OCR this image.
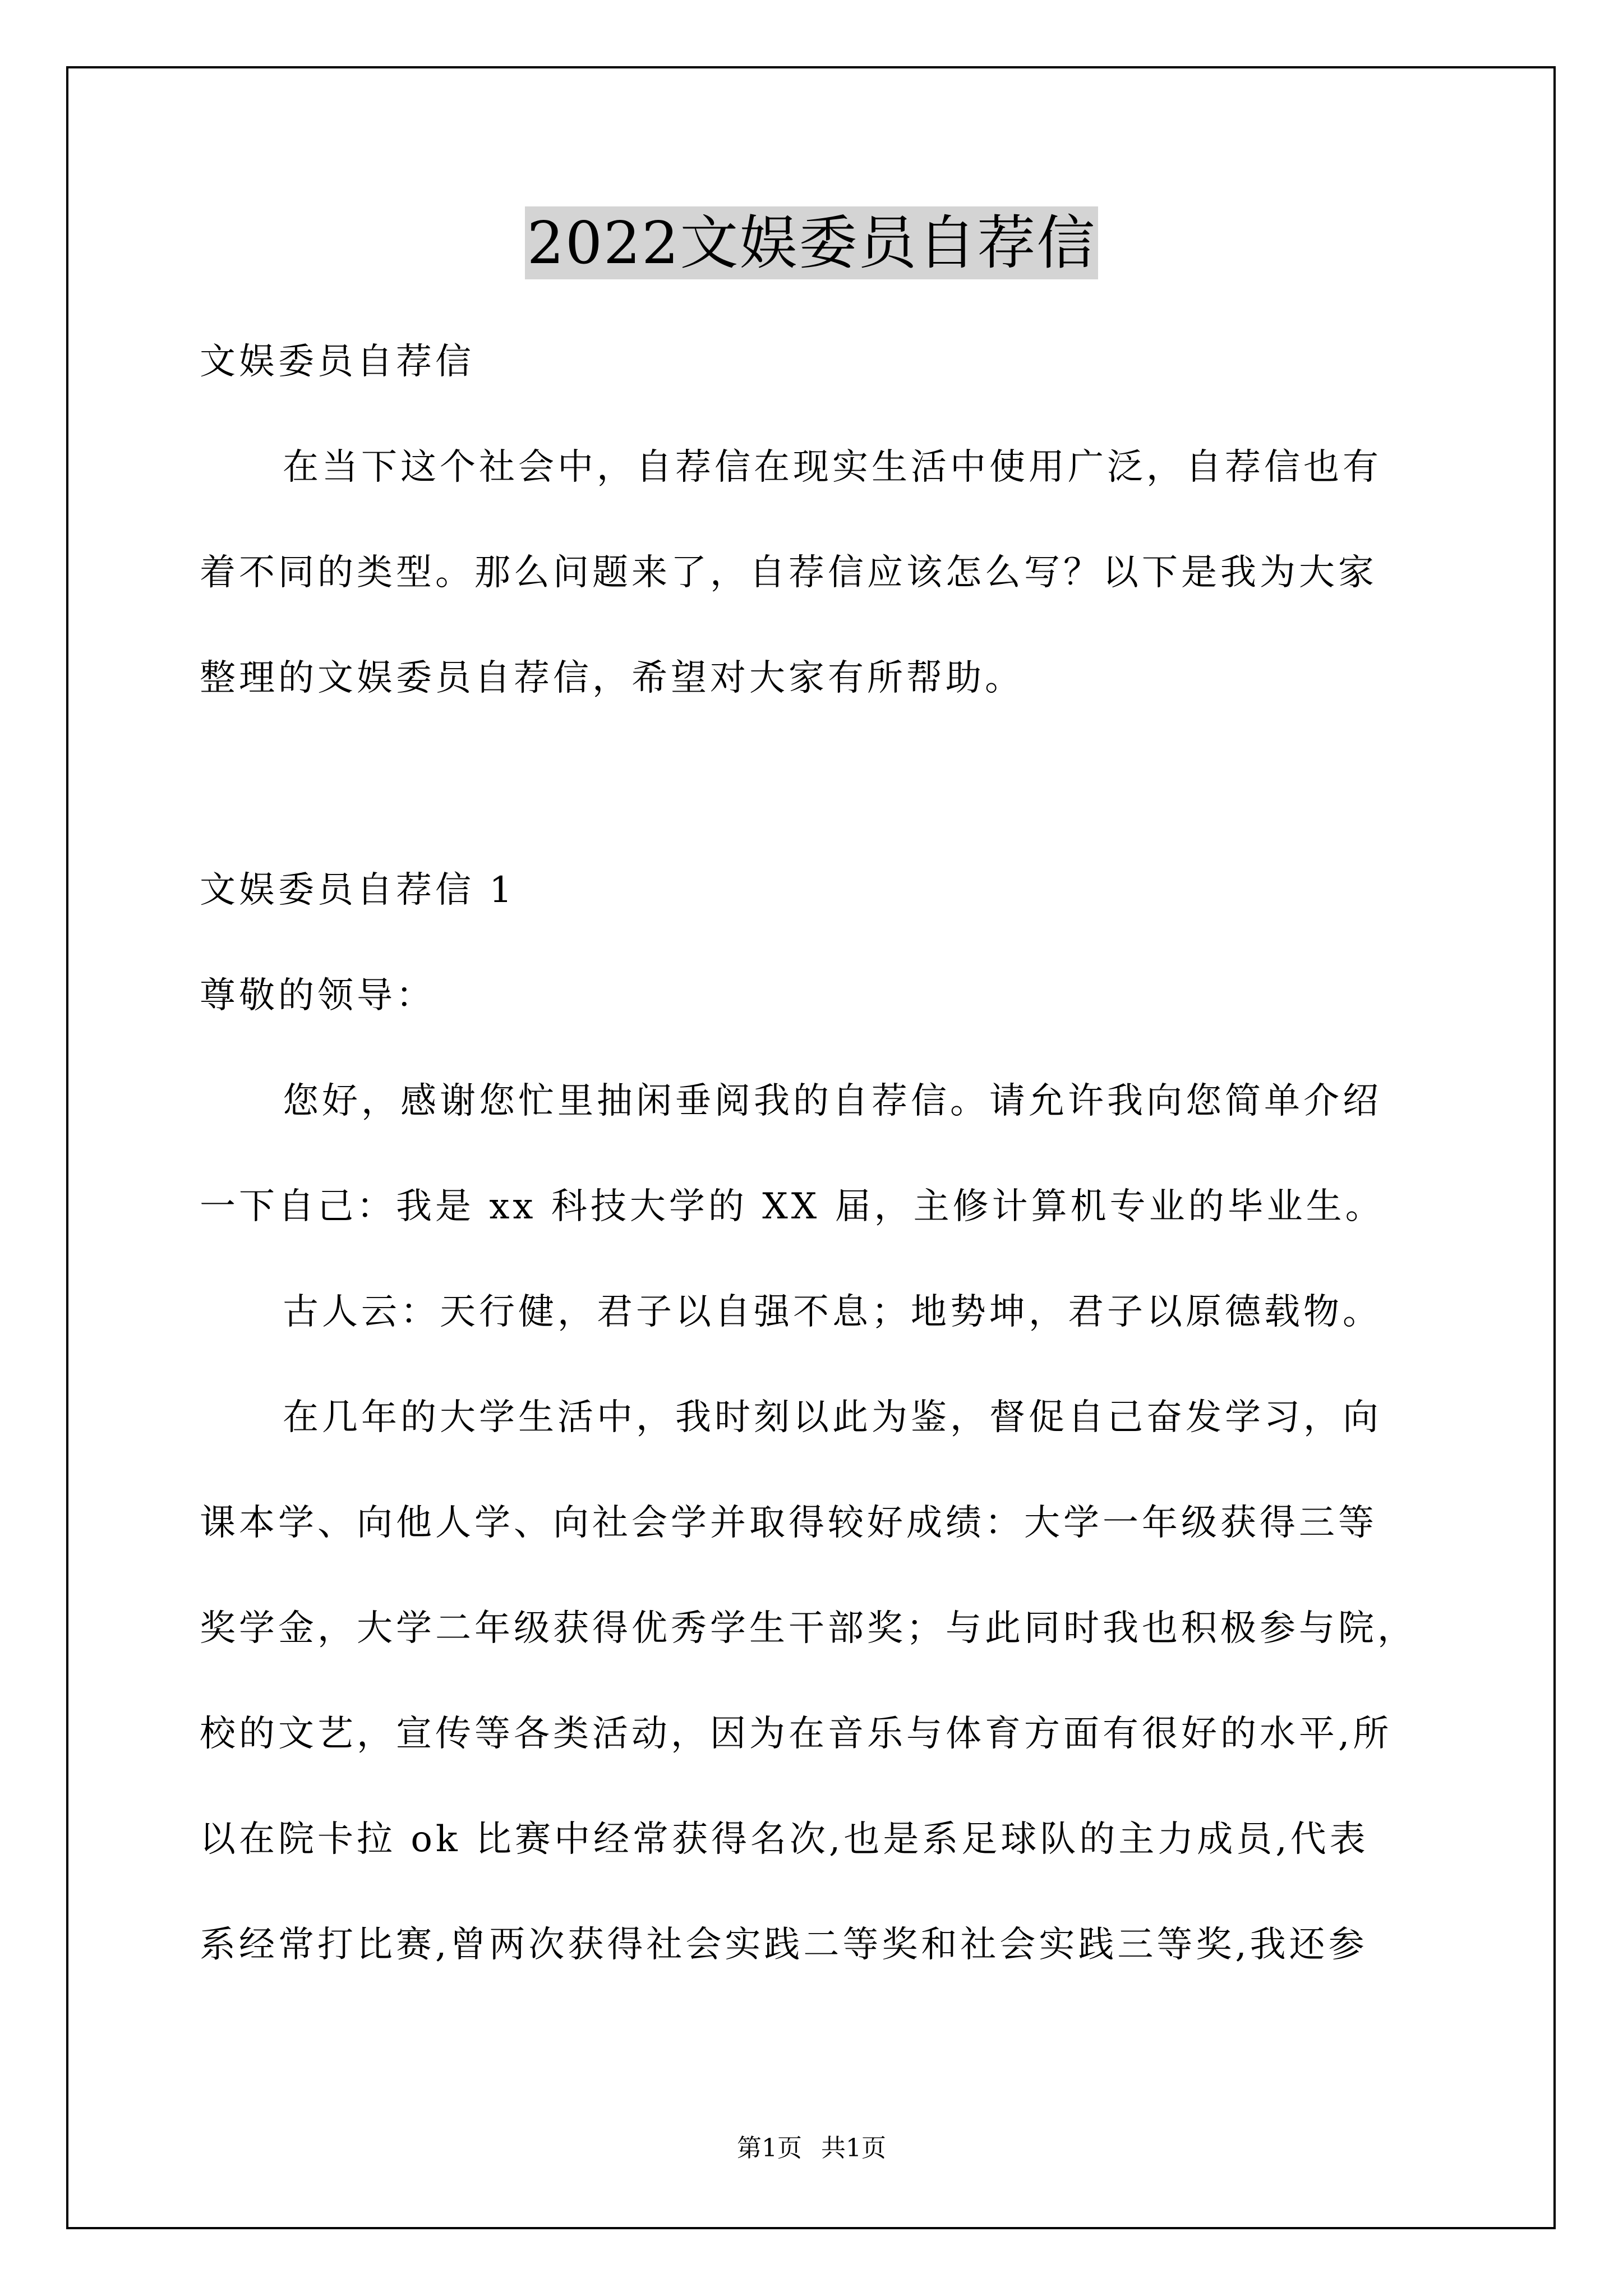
2022文娱委员自荐信

文娱委员自荐信

在当下这个社会中，自荐信在现实生活中使用广泛，自荐信也有

着不同的类型。那么问题来了，自荐信应该怎么写？以下是我为大家

整理的文娱委员自荐信，希望对大家有所帮助。

文娱委员自荐信 1

尊敬的领导：

您好，感谢您忙里抽闲垂阅我的自荐信。请允许我向您简单介绍

一下自己：我是 xx 科技大学的 XX 届，主修计算机专业的毕业生。

古人云：天行健，君子以自强不息；地势坤，君子以原德载物。

在几年的大学生活中，我时刻以此为鉴，督促自己奋发学习，向

课本学、向他人学、向社会学并取得较好成绩：大学一年级获得三等

奖学金，大学二年级获得优秀学生干部奖；与此同时我也积极参与院，

校的文艺，宣传等各类活动，因为在音乐与体育方面有很好的水平,所

以在院卡拉 ok 比赛中经常获得名次,也是系足球队的主力成员,代表

系经常打比赛,曾两次获得社会实践二等奖和社会实践三等奖,我还参

第1页 共1页
